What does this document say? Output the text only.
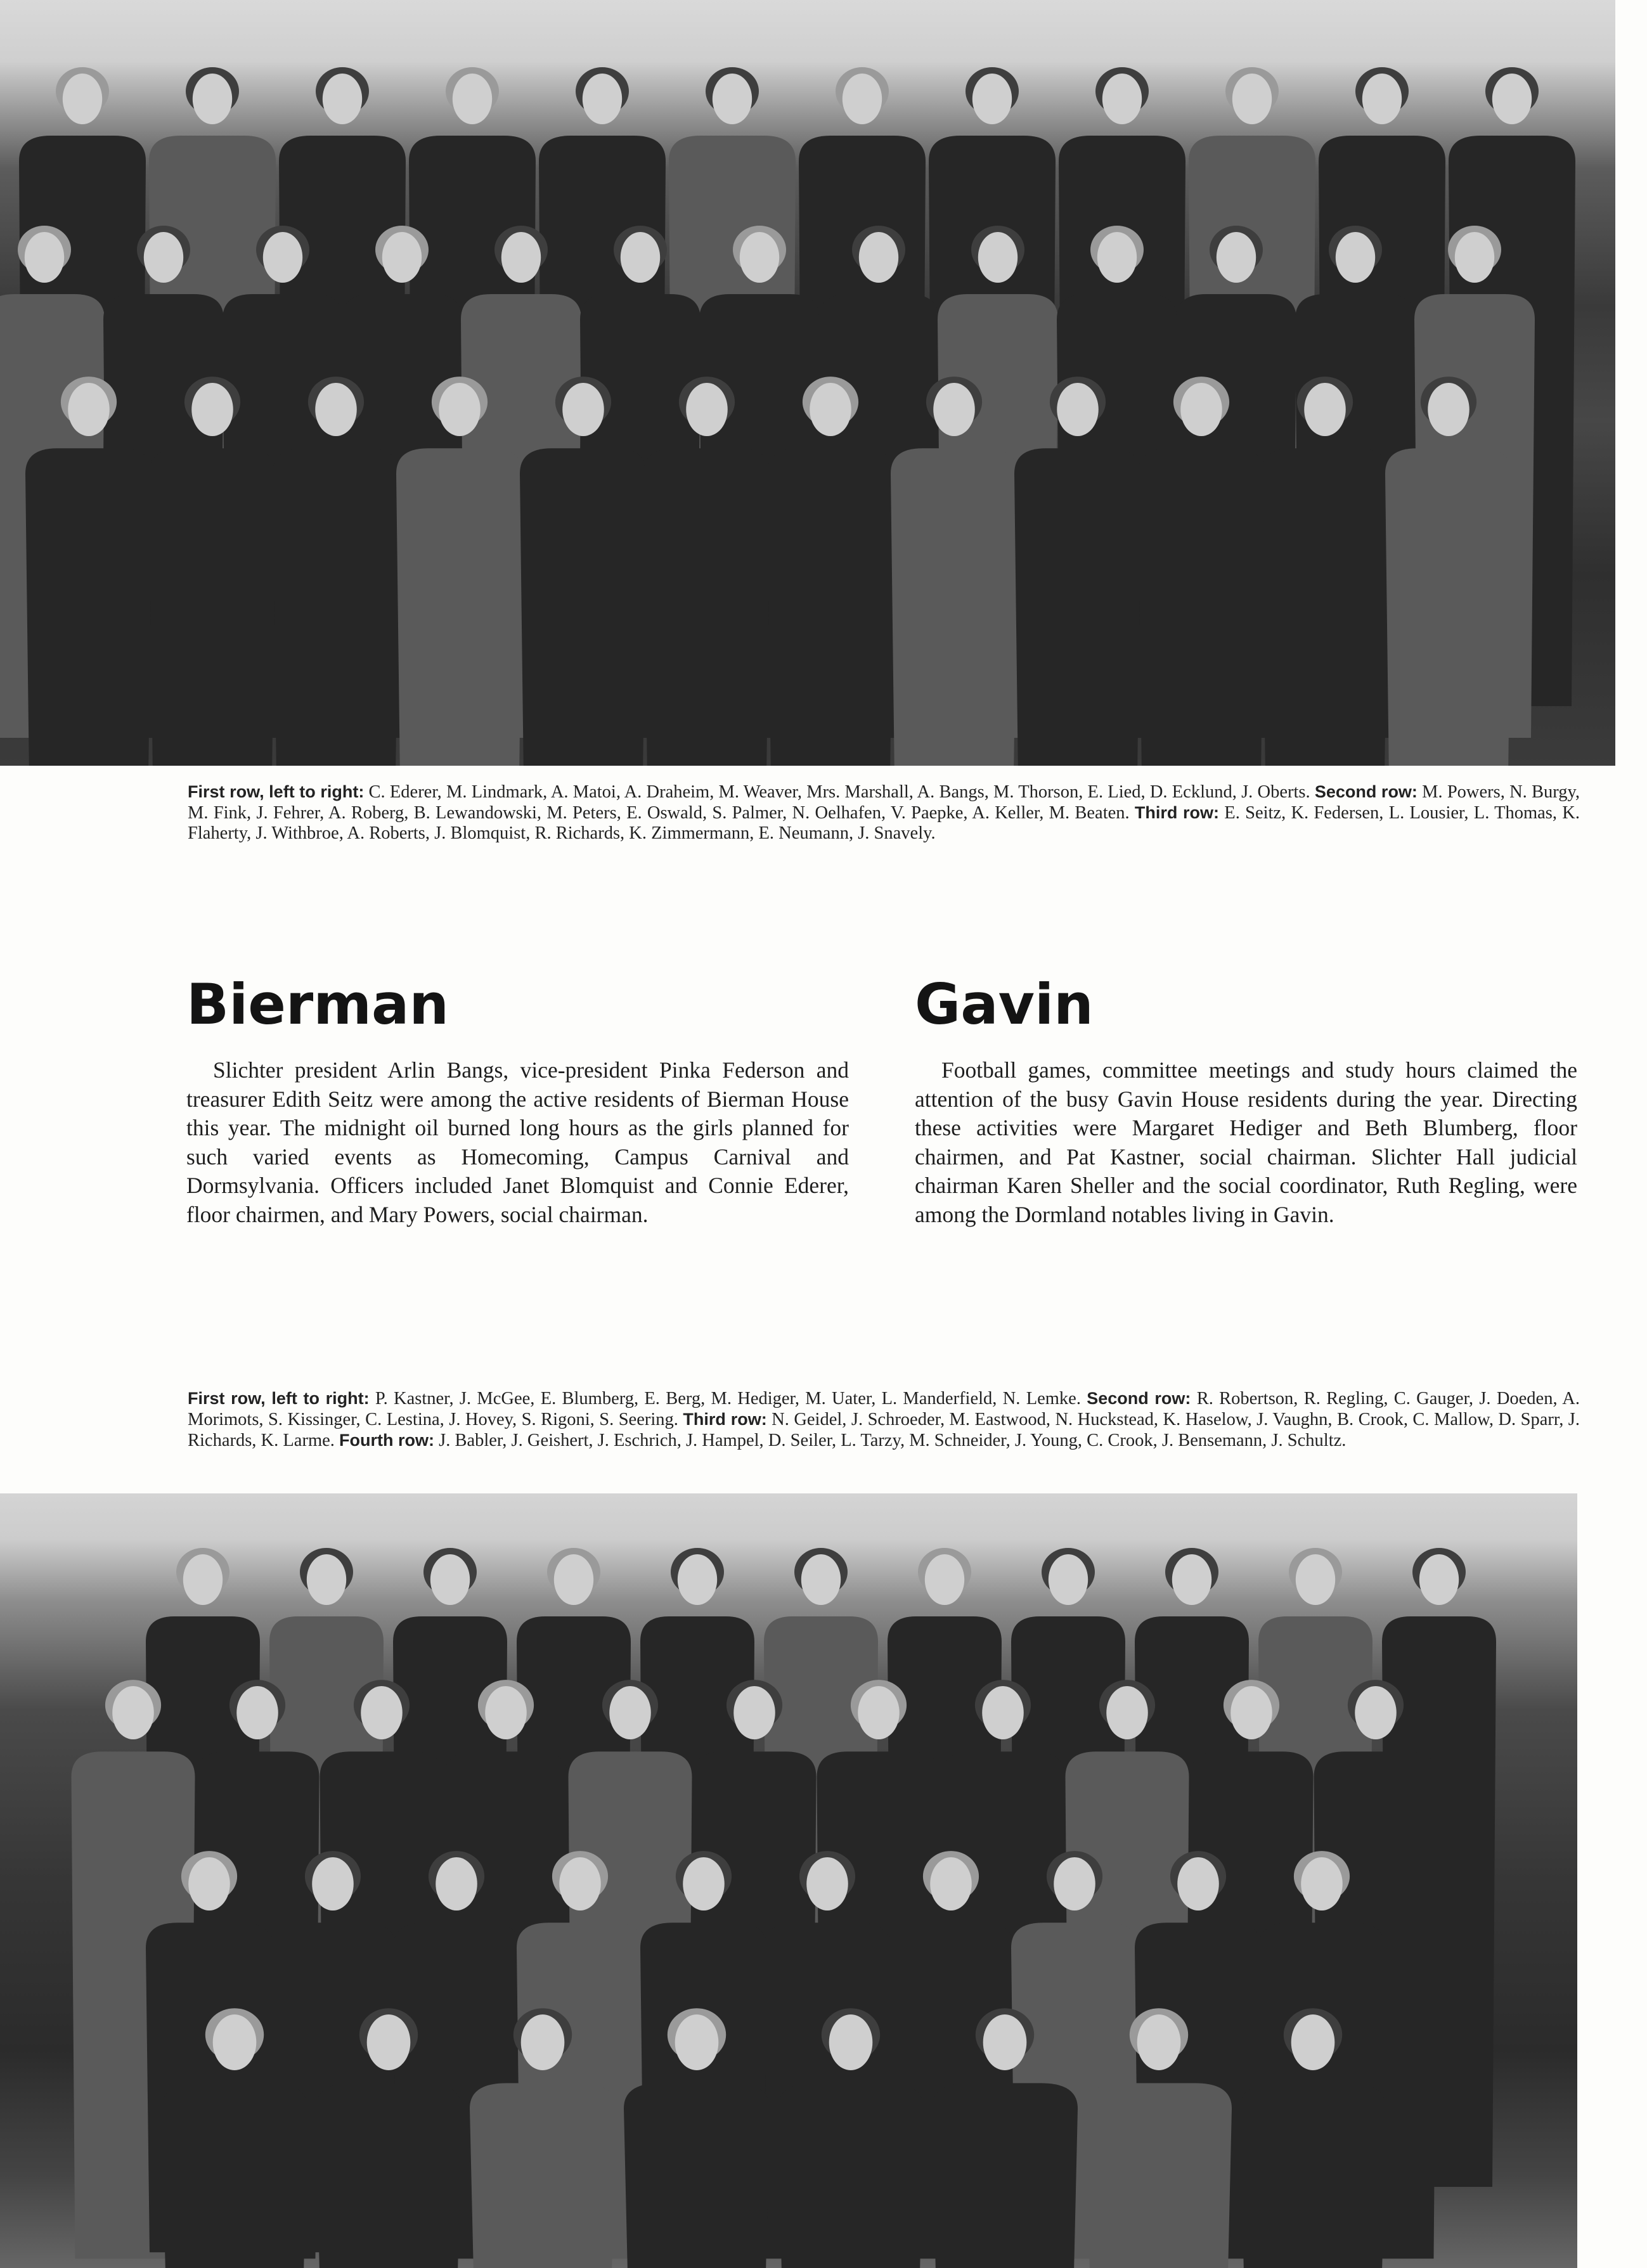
First row, left to right: C. Ederer, M. Lindmark, A. Matoi, A. Draheim, M. Weaver, Mrs. Marshall, A. Bangs, M. Thorson, E. Lied, D. Ecklund, J. Oberts. Second row: M. Powers, N. Burgy, M. Fink, J. Fehrer, A. Roberg, B. Lewandowski, M. Peters, E. Oswald, S. Palmer, N. Oelhafen, V. Paepke, A. Keller, M. Beaten. Third row: E. Seitz, K. Federsen, L. Lousier, L. Thomas, K. Flaherty, J. Withbroe, A. Roberts, J. Blomquist, R. Richards, K. Zimmermann, E. Neumann, J. Snavely.

Bierman	Gavin

Slichter president Arlin Bangs, vice-president Pinka Federson and treasurer Edith Seitz were among the active residents of Bierman House this year. The midnight oil burned long hours as the girls planned for such varied events as Homecoming, Campus Carnival and Dormsylvania. Officers included Janet Blomquist and Connie Ederer, floor chairmen, and Mary Powers, social chairman.

Football games, committee meetings and study hours claimed the attention of the busy Gavin House residents during the year. Directing these activities were Margaret Hediger and Beth Blumberg, floor chairmen, and Pat Kastner, social chairman. Slichter Hall judicial chairman Karen Sheller and the social coordinator, Ruth Regling, were among the Dormland notables living in Gavin.

First row, left to right: P. Kastner, J. McGee, E. Blumberg, E. Berg, M. Hediger, M. Uater, L. Manderfield, N. Lemke. Second row: R. Robertson, R. Regling, C. Gauger, J. Doeden, A. Morimots, S. Kissinger, C. Lestina, J. Hovey, S. Rigoni, S. Seering. Third row: N. Geidel, J. Schroeder, M. Eastwood, N. Huckstead, K. Haselow, J. Vaughn, B. Crook, C. Mallow, D. Sparr, J. Richards, K. Larme. Fourth row: J. Babler, J. Geishert, J. Eschrich, J. Hampel, D. Seiler, L. Tarzy, M. Schneider, J. Young, C. Crook, J. Bensemann, J. Schultz.
